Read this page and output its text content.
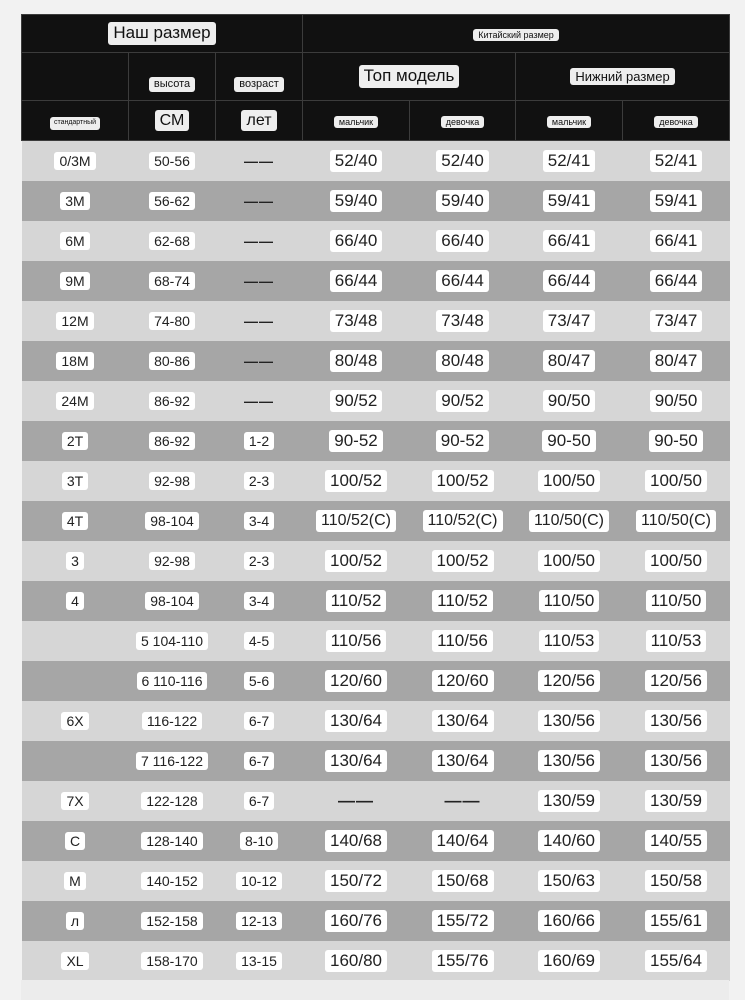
Наш размер			Китайский размер			
	высота	возраст	Топ модель		Нижний размер	
стандартный	СМ	лет	мальчик	девочка	мальчик	девочка
0/3M	50-56	——	52/40	52/40	52/41	52/41
3M	56-62	——	59/40	59/40	59/41	59/41
6M	62-68	——	66/40	66/40	66/41	66/41
9M	68-74	——	66/44	66/44	66/44	66/44
12M	74-80	——	73/48	73/48	73/47	73/47
18M	80-86	——	80/48	80/48	80/47	80/47
24M	86-92	——	90/52	90/52	90/50	90/50
2T	86-92	1-2	90-52	90-52	90-50	90-50
3T	92-98	2-3	100/52	100/52	100/50	100/50
4T	98-104	3-4	110/52(C)	110/52(C)	110/50(C)	110/50(C)
3	92-98	2-3	100/52	100/52	100/50	100/50
4	98-104	3-4	110/52	110/52	110/50	110/50
	5 104-110	4-5	110/56	110/56	110/53	110/53
	6 110-116	5-6	120/60	120/60	120/56	120/56
6X	116-122	6-7	130/64	130/64	130/56	130/56
	7 116-122	6-7	130/64	130/64	130/56	130/56
7X	122-128	6-7	——	——	130/59	130/59
С	128-140	8-10	140/68	140/64	140/60	140/55
М	140-152	10-12	150/72	150/68	150/63	150/58
л	152-158	12-13	160/76	155/72	160/66	155/61
XL	158-170	13-15	160/80	155/76	160/69	155/64
